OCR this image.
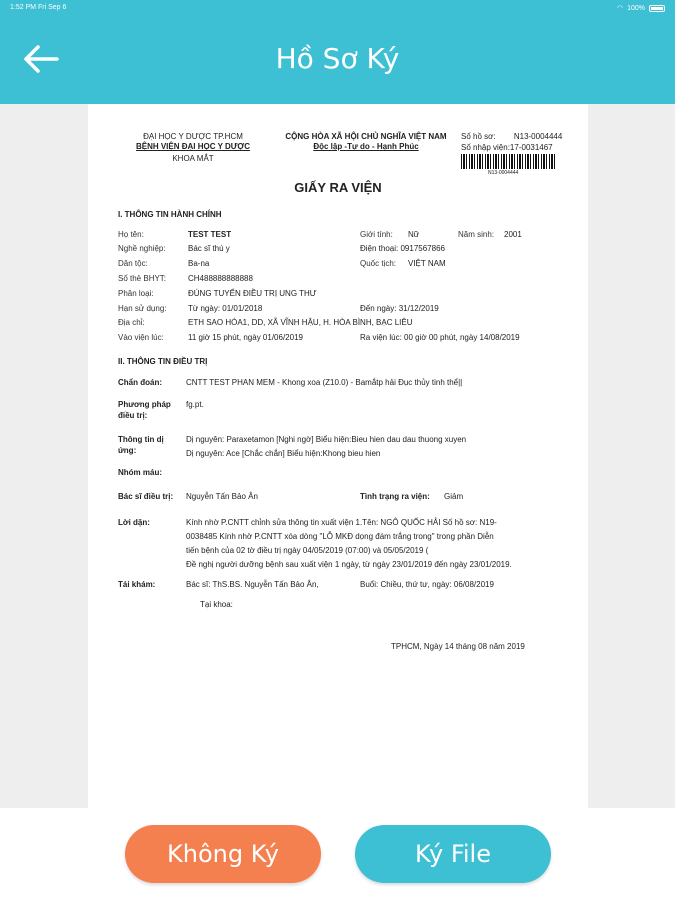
1:52 PM Fri Sep 6	◠ 100%
Hồ Sơ Ký
ĐẠI HỌC Y DƯỢC TP.HCM
BỆNH VIỆN ĐẠI HỌC Y DƯỢC
KHOA MẮT
CỘNG HÒA XÃ HỘI CHỦ NGHĨA VIỆT NAM
Độc lập -Tự do - Hạnh Phúc
Số hồ sơ: N13-0004444
Số nhập viện:17-0031467
N13-0004444
GIẤY RA VIỆN
I. THÔNG TIN HÀNH CHÍNH
Họ tên:	TEST TEST	Giới tính: Nữ	Năm sinh: 2001
Nghề nghiệp:	Bác sĩ thú y	Điện thoại: 0917567866
Dân tộc:	Ba-na	Quốc tịch: VIỆT NAM
Số thẻ BHYT:	CH488888888888
Phân loại:	ĐÚNG TUYẾN ĐIỀU TRỊ UNG THƯ
Hạn sử dụng:	Từ ngày: 01/01/2018	Đến ngày: 31/12/2019
Địa chỉ:	ETH SAO HÓA1, DD, XÃ VĨNH HẬU, H. HÒA BÌNH, BẠC LIÊU
Vào viện lúc:	11 giờ 15 phút, ngày 01/06/2019	Ra viện lúc: 00 giờ 00 phút, ngày 14/08/2019
II. THÔNG TIN ĐIỀU TRỊ
Chẩn đoán:	CNTT TEST PHAN MEM - Khong xoa (Z10.0) - Bamắtp hải Đục thủy tinh thể||
Phương pháp
điều trị:
fg.pt.
Thông tin dị
ứng:
Dị nguyên: Paraxetamon [Nghi ngờ] Biểu hiện:Bieu hien dau dau thuong xuyen
Dị nguyên: Ace [Chắc chắn] Biểu hiện:Khong bieu hien
Nhóm máu:
Bác sĩ điều trị: Nguyễn Tấn Bảo Ân	Tình trạng ra viện: Giảm
Lời dặn:	Kính nhờ P.CNTT chỉnh sửa thông tin xuất viện 1.Tên: NGÔ QUỐC HẢI Số hồ sơ: N19-
0038485 Kính nhờ P.CNTT xóa dòng "LỖ MKĐ dọng đám trắng trong" trong phần Diễn
tiến bệnh của 02 tờ điều trị ngày 04/05/2019 (07:00) và 05/05/2019 (
Đề nghị người dưỡng bệnh sau xuất viện 1 ngày, từ ngày 23/01/2019 đến ngày 23/01/2019.
Tái khám:	Bác sĩ: ThS.BS. Nguyễn Tấn Bảo Ân,	Buổi: Chiều, thứ tư, ngày: 06/08/2019
Tại khoa:
TPHCM, Ngày 14 tháng 08 năm 2019
Không Ký	Ký File
